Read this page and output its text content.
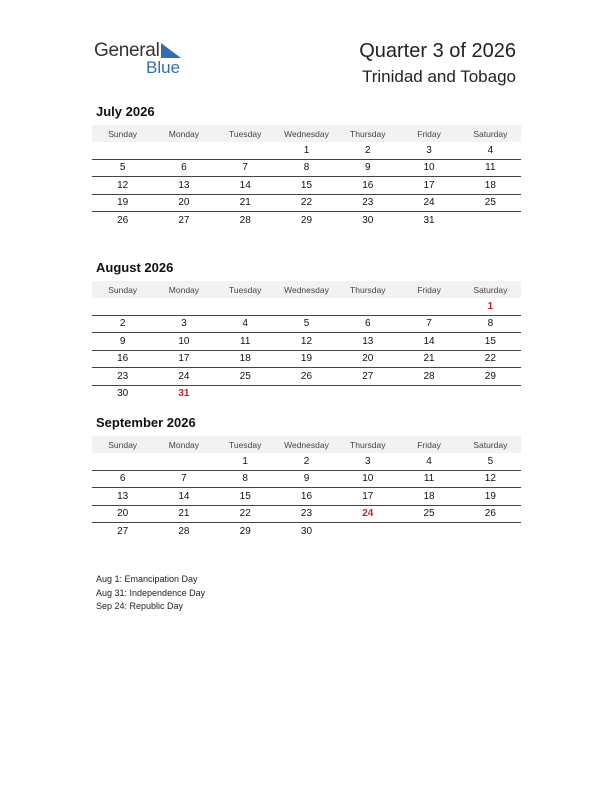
General
Blue
Quarter 3 of 2026
Trinidad and Tobago
July 2026
Sunday	Monday	Tuesday	Wednesday	Thursday	Friday	Saturday
			1	2	3	4
5	6	7	8	9	10	11
12	13	14	15	16	17	18
19	20	21	22	23	24	25
26	27	28	29	30	31	
August 2026
Sunday	Monday	Tuesday	Wednesday	Thursday	Friday	Saturday
						1
2	3	4	5	6	7	8
9	10	11	12	13	14	15
16	17	18	19	20	21	22
23	24	25	26	27	28	29
30	31					
September 2026
Sunday	Monday	Tuesday	Wednesday	Thursday	Friday	Saturday
		1	2	3	4	5
6	7	8	9	10	11	12
13	14	15	16	17	18	19
20	21	22	23	24	25	26
27	28	29	30			
Aug 1: Emancipation Day
Aug 31: Independence Day
Sep 24: Republic Day
